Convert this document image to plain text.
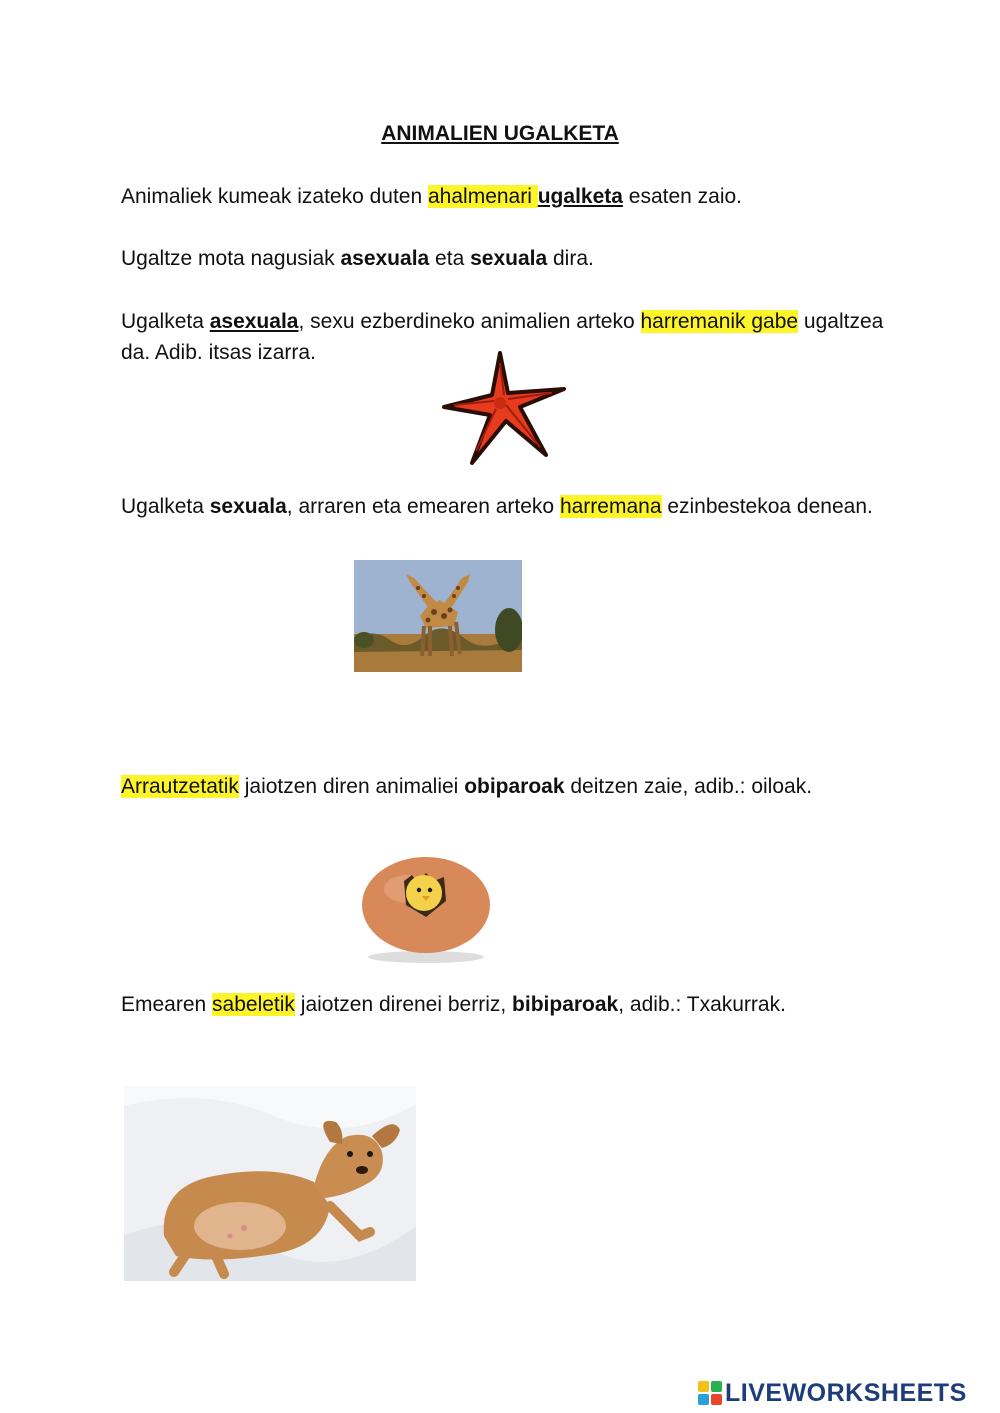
ANIMALIEN UGALKETA

Animaliek kumeak izateko duten ahalmenari ugalketa esaten zaio.

Ugaltze mota nagusiak asexuala eta sexuala dira.

Ugalketa asexuala, sexu ezberdineko animalien arteko harremanik gabe ugaltzea da. Adib. itsas izarra.

Ugalketa sexuala, arraren eta emearen arteko harremana ezinbestekoa denean.

Arrautzetatik jaiotzen diren animaliei obiparoak deitzen zaie, adib.: oiloak.

Emearen sabeletik jaiotzen direnei berriz, bibiparoak, adib.: Txakurrak.

LIVEWORKSHEETS
